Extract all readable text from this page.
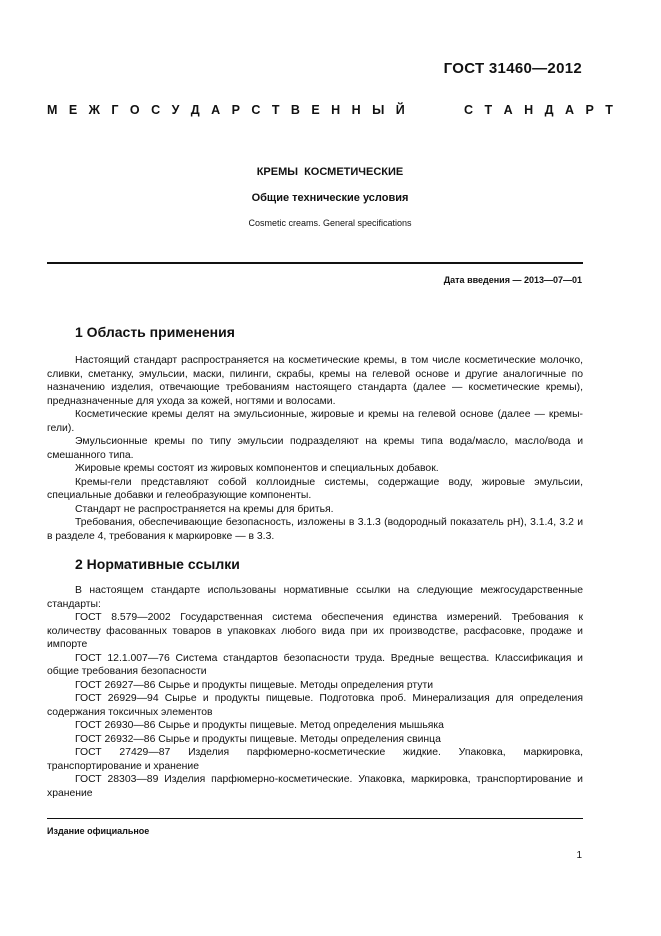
ГОСТ 31460—2012
М Е Ж Г О С У Д А Р С Т В Е Н Н Ы Й	С Т А Н Д А Р Т
КРЕМЫ КОСМЕТИЧЕСКИЕ
Общие технические условия
Cosmetic creams. General specifications
Дата введения — 2013—07—01
1 Область применения

Настоящий стандарт распространяется на косметические кремы, в том числе косметические молочко, сливки, сметанку, эмульсии, маски, пилинги, скрабы, кремы на гелевой основе и другие аналогичные по назначению изделия, отвечающие требованиям настоящего стандарта (далее — косметические кремы), предназначенные для ухода за кожей, ногтями и волосами.

Косметические кремы делят на эмульсионные, жировые и кремы на гелевой основе (далее — кремы-гели).

Эмульсионные кремы по типу эмульсии подразделяют на кремы типа вода/масло, масло/вода и смешанного типа.

Жировые кремы состоят из жировых компонентов и специальных добавок.

Кремы-гели представляют собой коллоидные системы, содержащие воду, жировые эмульсии, специальные добавки и гелеобразующие компоненты.

Стандарт не распространяется на кремы для бритья.

Требования, обеспечивающие безопасность, изложены в 3.1.3 (водородный показатель pH), 3.1.4, 3.2 и в разделе 4, требования к маркировке — в 3.3.

2 Нормативные ссылки

В настоящем стандарте использованы нормативные ссылки на следующие межгосударственные стандарты:

ГОСТ 8.579—2002 Государственная система обеспечения единства измерений. Требования к количеству фасованных товаров в упаковках любого вида при их производстве, расфасовке, продаже и импорте

ГОСТ 12.1.007—76 Система стандартов безопасности труда. Вредные вещества. Классификация и общие требования безопасности

ГОСТ 26927—86 Сырье и продукты пищевые. Методы определения ртути

ГОСТ 26929—94 Сырье и продукты пищевые. Подготовка проб. Минерализация для определения содержания токсичных элементов

ГОСТ 26930—86 Сырье и продукты пищевые. Метод определения мышьяка

ГОСТ 26932—86 Сырье и продукты пищевые. Методы определения свинца

ГОСТ 27429—87 Изделия парфюмерно-косметические жидкие. Упаковка, маркировка, транспортирование и хранение

ГОСТ 28303—89 Изделия парфюмерно-косметические. Упаковка, маркировка, транспортирование и хранение

Издание официальное
1
